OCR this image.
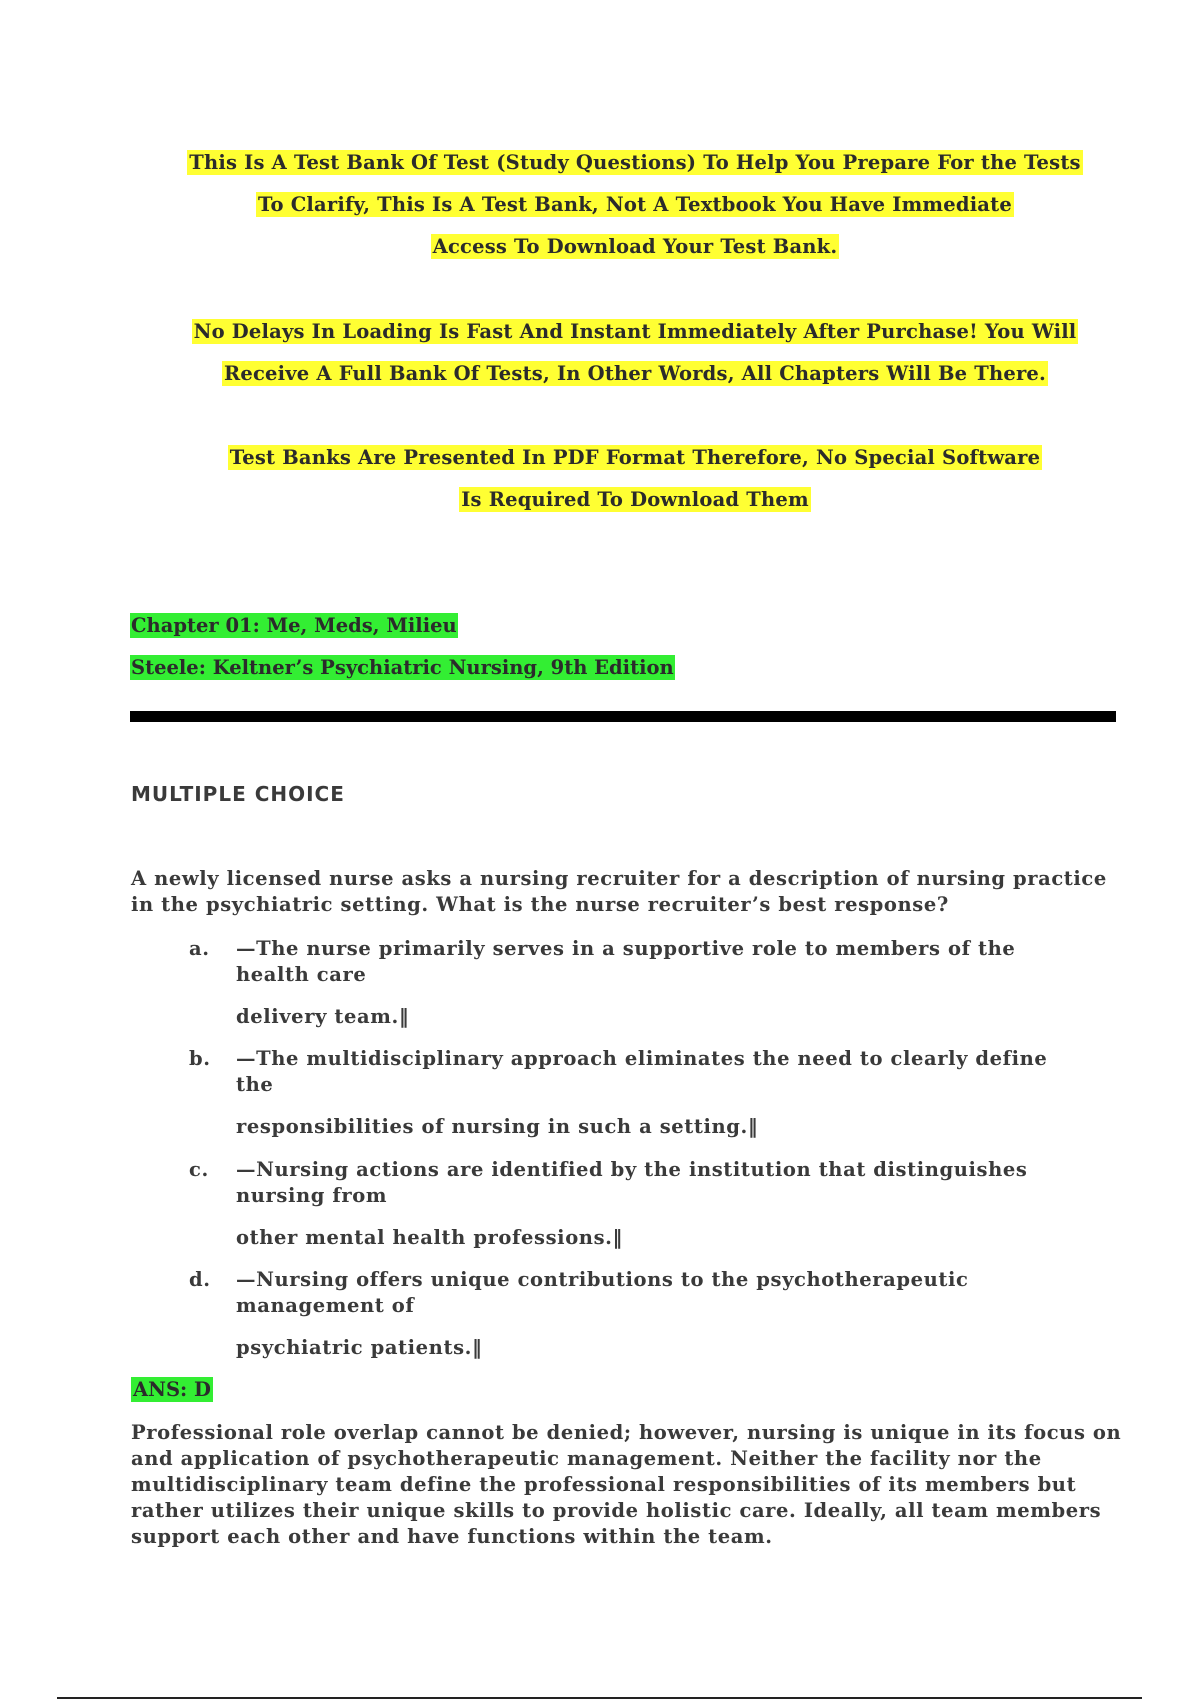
This Is A Test Bank Of Test (Study Questions) To Help You Prepare For the Tests
To Clarify, This Is A Test Bank, Not A Textbook You Have Immediate
Access To Download Your Test Bank.
No Delays In Loading Is Fast And Instant Immediately After Purchase! You Will
Receive A Full Bank Of Tests, In Other Words, All Chapters Will Be There.
Test Banks Are Presented In PDF Format Therefore, No Special Software
Is Required To Download Them
Chapter 01: Me, Meds, Milieu
Steele: Keltner’s Psychiatric Nursing, 9th Edition
MULTIPLE CHOICE
A newly licensed nurse asks a nursing recruiter for a description of nursing practice in the psychiatric setting. What is the nurse recruiter’s best response?
a. —The nurse primarily serves in a supportive role to members of the health care
delivery team.‖
b. —The multidisciplinary approach eliminates the need to clearly define the
responsibilities of nursing in such a setting.‖
c. —Nursing actions are identified by the institution that distinguishes nursing from
other mental health professions.‖
d. —Nursing offers unique contributions to the psychotherapeutic management of
psychiatric patients.‖
ANS: D
Professional role overlap cannot be denied; however, nursing is unique in its focus on and application of psychotherapeutic management. Neither the facility nor the multidisciplinary team define the professional responsibilities of its members but rather utilizes their unique skills to provide holistic care. Ideally, all team members support each other and have functions within the team.
